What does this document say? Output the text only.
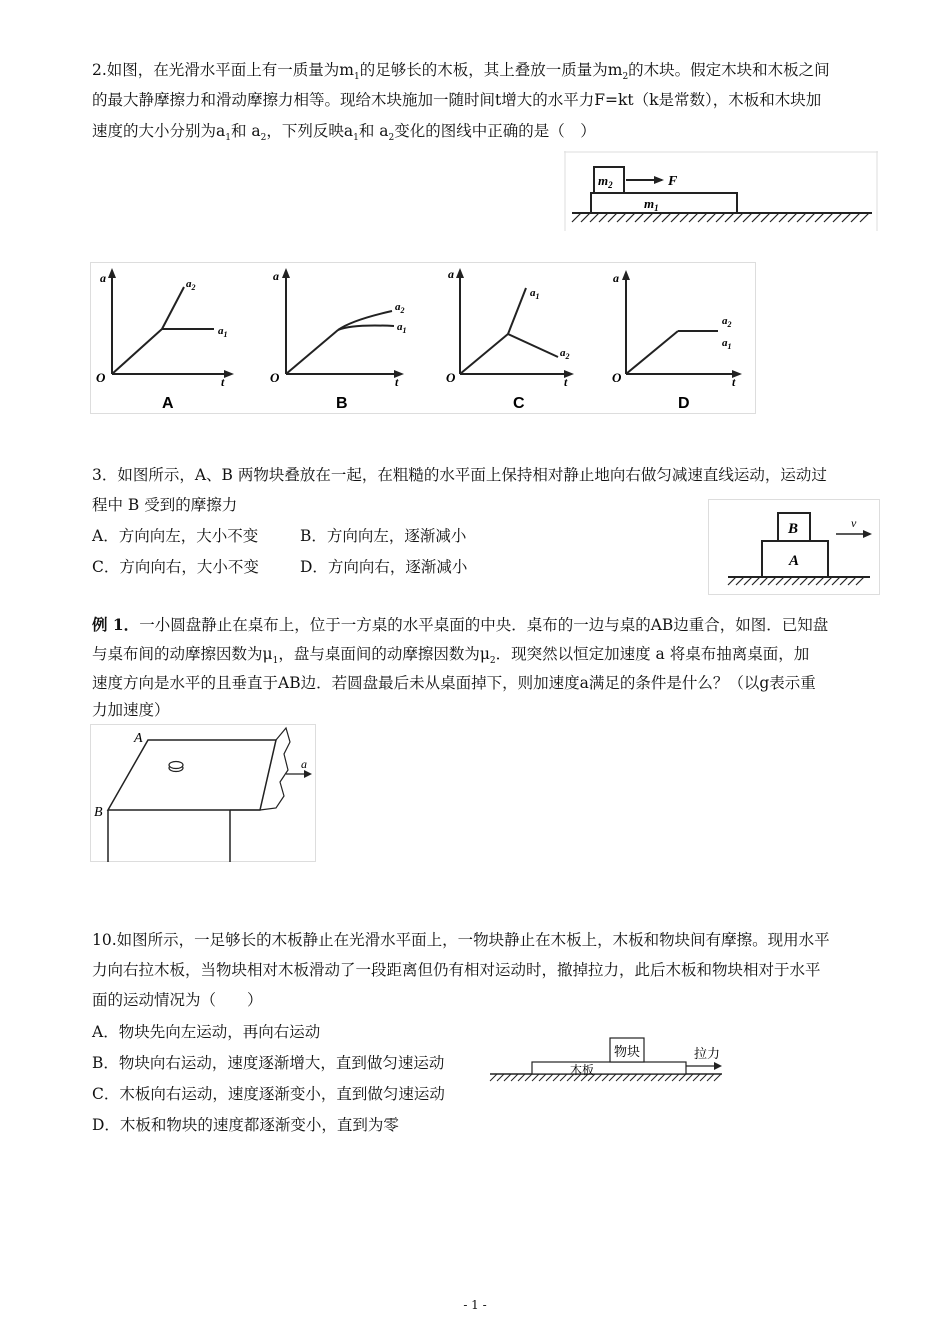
2.如图，在光滑水平面上有一质量为$m_1$的足够长的木板，其上叠放一质量为$m_2$的木块。假定木块和木板之间
的最大静摩擦力和滑动摩擦力相等。现给木块施加一随时间t增大的水平力F=kt（k是常数），木板和木块加
速度的大小分别为$a_1$和 $a_2$，下列反映$a_1$和 $a_2$变化的图线中正确的是（　）
$m_2$	F
$m_1$
a
O	t
$a_2$
$a_1$
A
a
O	t
$a_2$
$a_1$
B
a
O	t
$a_1$
$a_2$
C
a
O	t
$a_2$
$a_1$
D
3．如图所示，A、B 两物块叠放在一起，在粗糙的水平面上保持相对静止地向右做匀减速直线运动，运动过
程中 B 受到的摩擦力
A．方向向左，大小不变	B．方向向左，逐渐减小
C．方向向右，大小不变	D．方向向右，逐渐减小
B
A
v
例 1．一小圆盘静止在桌布上，位于一方桌的水平桌面的中央．桌布的一边与桌的AB边重合，如图．已知盘
与桌布间的动摩擦因数为$\mu_1$，盘与桌面间的动摩擦因数为$\mu_2$．现突然以恒定加速度 a 将桌布抽离桌面，加
速度方向是水平的且垂直于AB边．若圆盘最后未从桌面掉下，则加速度a满足的条件是什么？（以g表示重
力加速度）
A
B
a
10.如图所示，一足够长的木板静止在光滑水平面上，一物块静止在木板上，木板和物块间有摩擦。现用水平
力向右拉木板，当物块相对木板滑动了一段距离但仍有相对运动时，撤掉拉力，此后木板和物块相对于水平
面的运动情况为（　　）
A．物块先向左运动，再向右运动
B．物块向右运动，速度逐渐增大，直到做匀速运动
C．木板向右运动，速度逐渐变小，直到做匀速运动
D．木板和物块的速度都逐渐变小，直到为零
物块
木板
拉力
- 1 -
